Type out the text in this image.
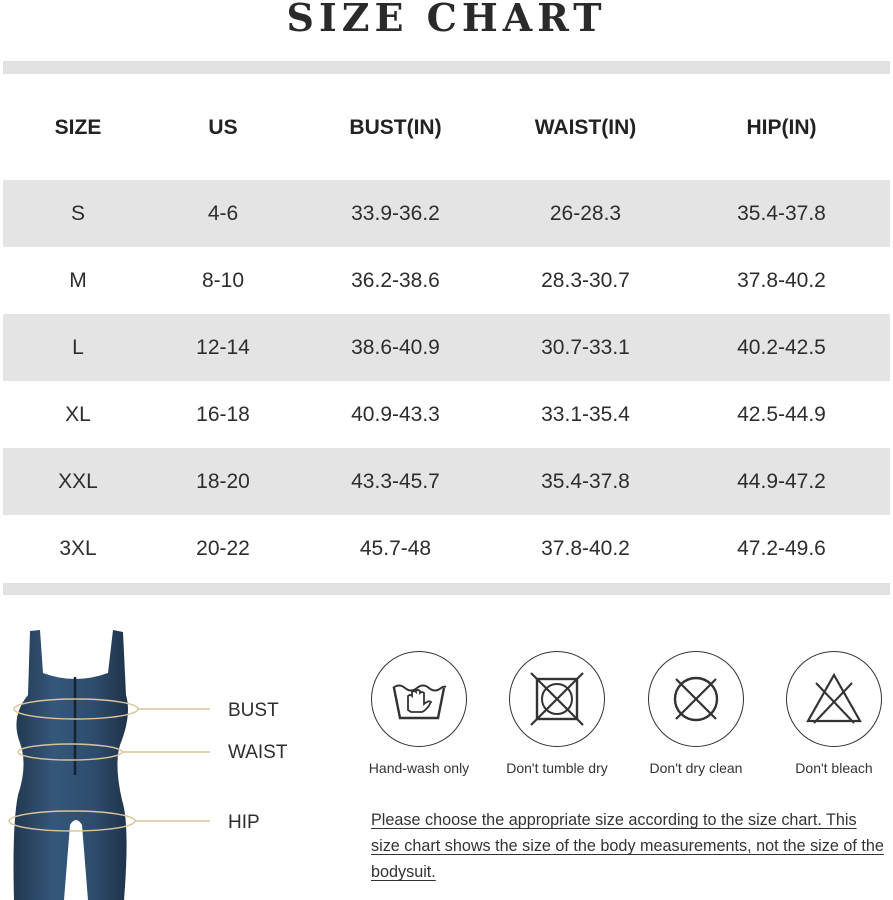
SIZE CHART
SIZE	US	BUST(IN)	WAIST(IN)	HIP(IN)
S	4-6	33.9-36.2	26-28.3	35.4-37.8
M	8-10	36.2-38.6	28.3-30.7	37.8-40.2
L	12-14	38.6-40.9	30.7-33.1	40.2-42.5
XL	16-18	40.9-43.3	33.1-35.4	42.5-44.9
XXL	18-20	43.3-45.7	35.4-37.8	44.9-47.2
3XL	20-22	45.7-48	37.8-40.2	47.2-49.6
BUST
WAIST
HIP
Hand-wash only	Don't tumble dry	Don't dry clean	Don't bleach
Please choose the appropriate size according to the size chart. This size chart shows the size of the body measurements, not the size of the bodysuit.
